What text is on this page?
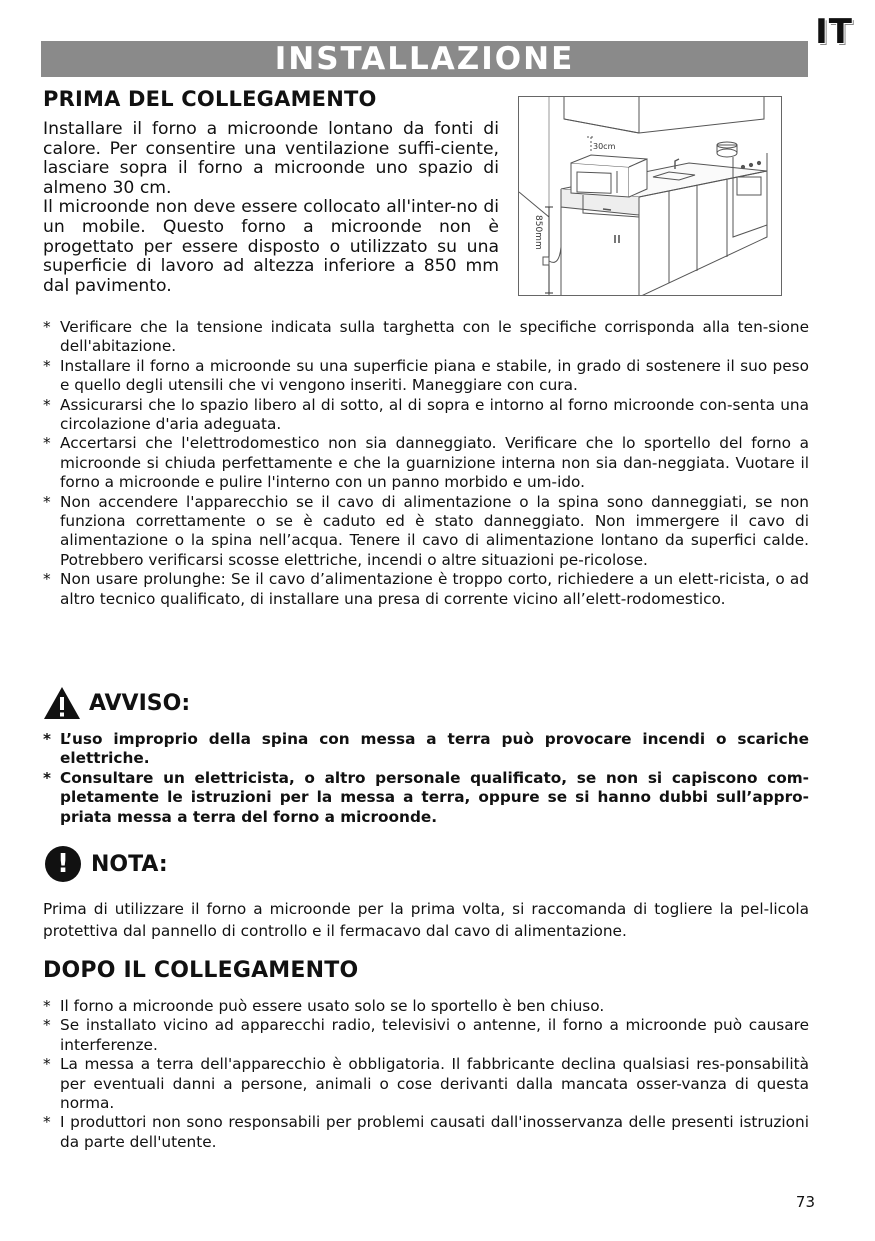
IT
INSTALLAZIONE
PRIMA DEL COLLEGAMENTO

Installare il forno a microonde lontano da fonti di calore. Per consentire una ventilazione suffi-ciente, lasciare sopra il forno a microonde uno spazio di almeno 30 cm.

Il microonde non deve essere collocato all'inter-no di un mobile. Questo forno a microonde non è progettato per essere disposto o utilizzato su una superficie di lavoro ad altezza inferiore a 850 mm dal pavimento.

30cm
850mm
* Verificare che la tensione indicata sulla targhetta con le specifiche corrisponda alla ten-sione dell'abitazione.
* Installare il forno a microonde su una superficie piana e stabile, in grado di sostenere il suo peso e quello degli utensili che vi vengono inseriti. Maneggiare con cura.
* Assicurarsi che lo spazio libero al di sotto, al di sopra e intorno al forno microonde con-senta una circolazione d'aria adeguata.
* Accertarsi che l'elettrodomestico non sia danneggiato. Verificare che lo sportello del forno a microonde si chiuda perfettamente e che la guarnizione interna non sia dan-neggiata. Vuotare il forno a microonde e pulire l'interno con un panno morbido e um-ido.
* Non accendere l'apparecchio se il cavo di alimentazione o la spina sono danneggiati, se non funziona correttamente o se è caduto ed è stato danneggiato. Non immergere il cavo di alimentazione o la spina nell’acqua. Tenere il cavo di alimentazione lontano da superfici calde. Potrebbero verificarsi scosse elettriche, incendi o altre situazioni pe-ricolose.
* Non usare prolunghe: Se il cavo d’alimentazione è troppo corto, richiedere a un elett-ricista, o ad altro tecnico qualificato, di installare una presa di corrente vicino all’elett-rodomestico.
AVVISO:
* L’uso improprio della spina con messa a terra può provocare incendi o scariche elettriche.
* Consultare un elettricista, o altro personale qualificato, se non si capiscono com-pletamente le istruzioni per la messa a terra, oppure se si hanno dubbi sull’appro-priata messa a terra del forno a microonde.
!	NOTA:

Prima di utilizzare il forno a microonde per la prima volta, si raccomanda di togliere la pel-licola protettiva dal pannello di controllo e il fermacavo dal cavo di alimentazione.

DOPO IL COLLEGAMENTO
* Il forno a microonde può essere usato solo se lo sportello è ben chiuso.
* Se installato vicino ad apparecchi radio, televisivi o antenne, il forno a microonde può causare interferenze.
* La messa a terra dell'apparecchio è obbligatoria. Il fabbricante declina qualsiasi res-ponsabilità per eventuali danni a persone, animali o cose derivanti dalla mancata osser-vanza di questa norma.
* I produttori non sono responsabili per problemi causati dall'inosservanza delle presenti istruzioni da parte dell'utente.
73
